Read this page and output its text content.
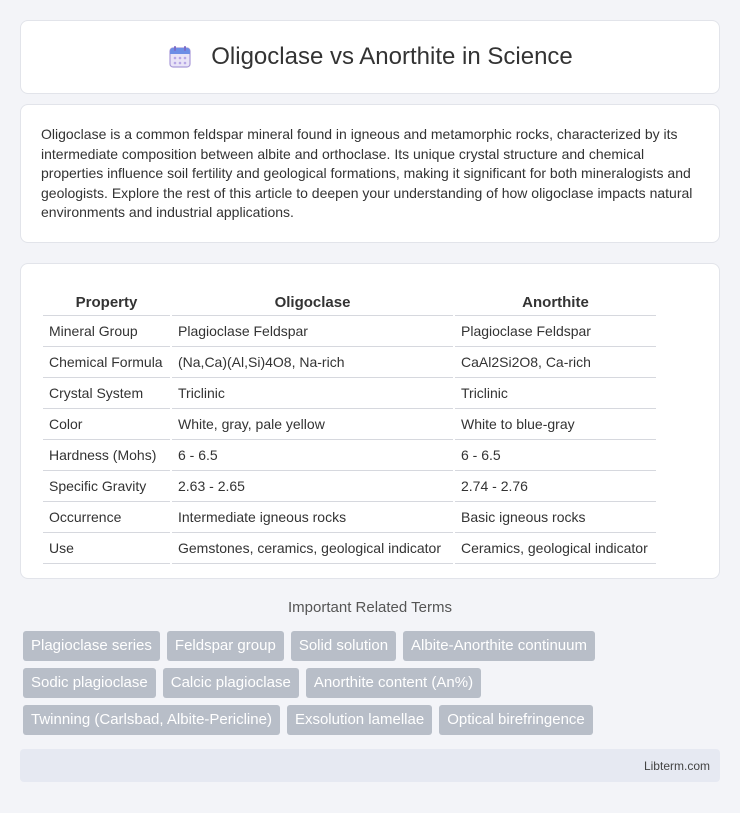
Oligoclase vs Anorthite in Science

Oligoclase is a common feldspar mineral found in igneous and metamorphic rocks, characterized by its intermediate composition between albite and orthoclase. Its unique crystal structure and chemical properties influence soil fertility and geological formations, making it significant for both mineralogists and geologists. Explore the rest of this article to deepen your understanding of how oligoclase impacts natural environments and industrial applications.

Property	Oligoclase	Anorthite
Mineral Group	Plagioclase Feldspar	Plagioclase Feldspar
Chemical Formula	(Na,Ca)(Al,Si)4O8, Na-rich	CaAl2Si2O8, Ca-rich
Crystal System	Triclinic	Triclinic
Color	White, gray, pale yellow	White to blue-gray
Hardness (Mohs)	6 - 6.5	6 - 6.5
Specific Gravity	2.63 - 2.65	2.74 - 2.76
Occurrence	Intermediate igneous rocks	Basic igneous rocks
Use	Gemstones, ceramics, geological indicator	Ceramics, geological indicator
Important Related Terms
Plagioclase series	Feldspar group	Solid solution	Albite-Anorthite continuum
Sodic plagioclase	Calcic plagioclase	Anorthite content (An%)
Twinning (Carlsbad, Albite-Pericline)	Exsolution lamellae	Optical birefringence
Libterm.com
